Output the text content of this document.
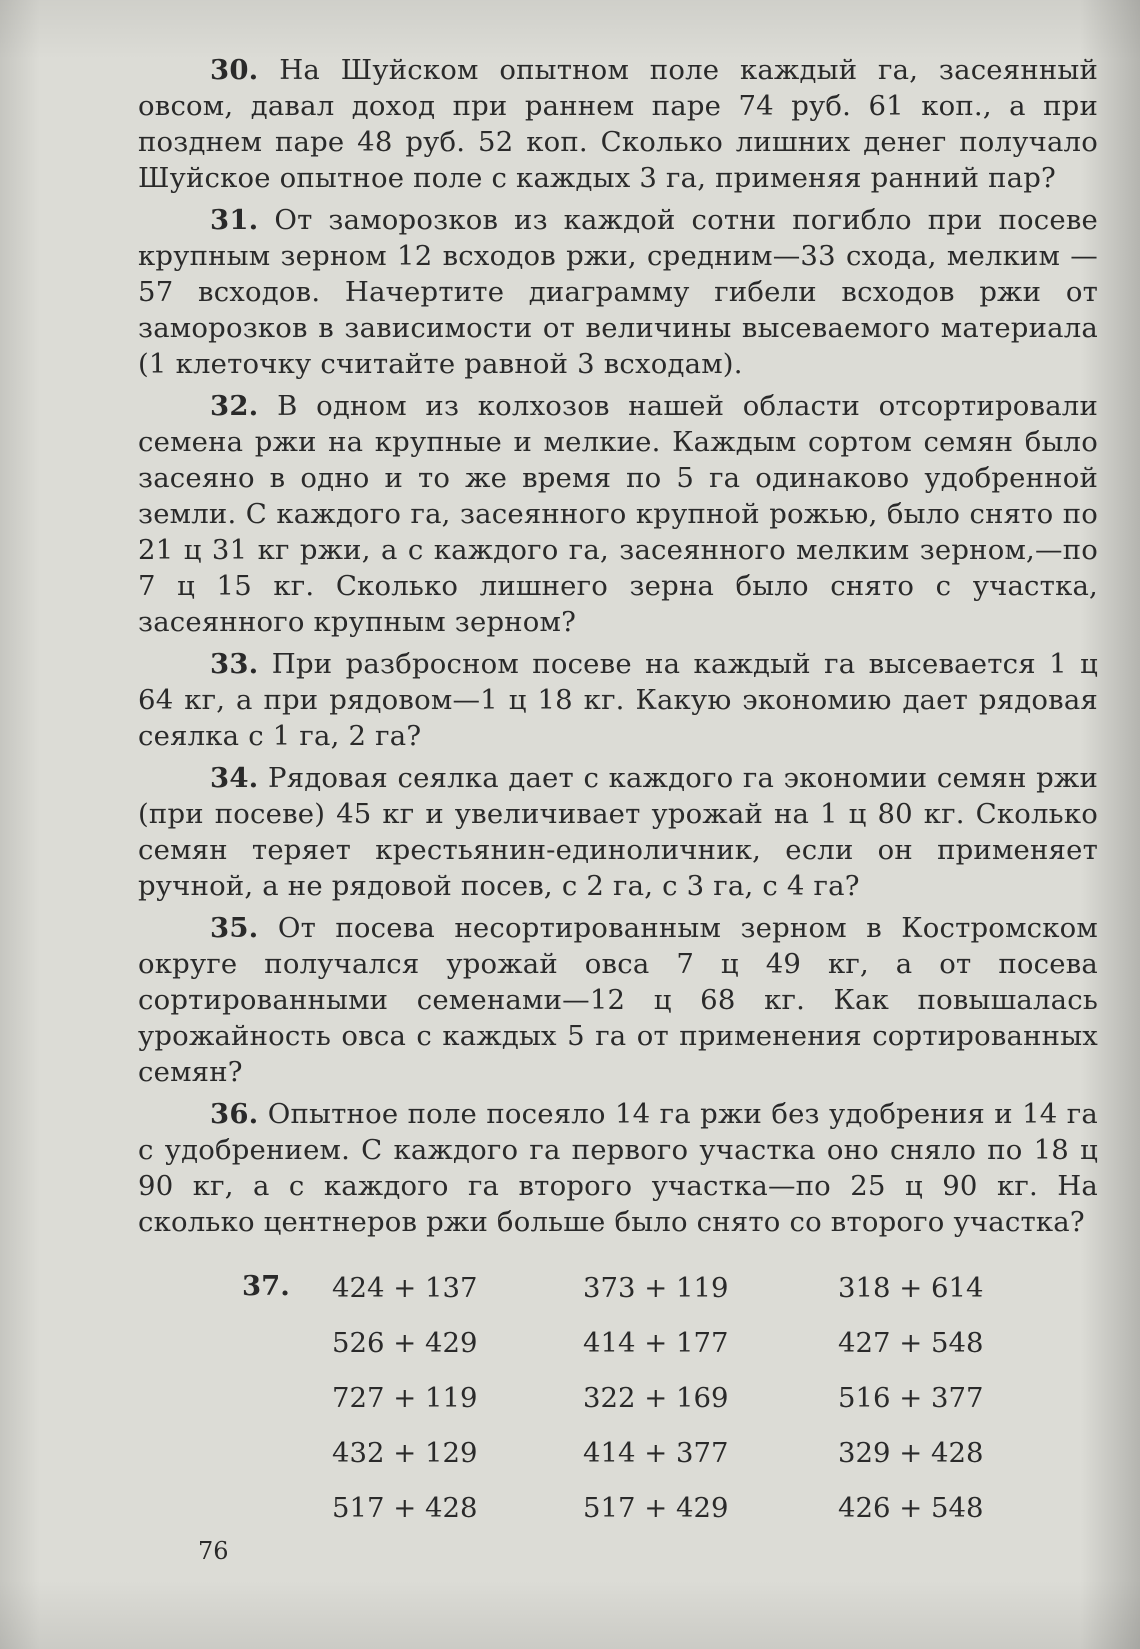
30. На Шуйском опытном поле каждый га, засеянный овсом, давал доход при раннем паре 74 руб. 61 коп., а при позднем паре 48 руб. 52 коп. Сколько лишних денег получало Шуйское опытное поле с каждых 3 га, применяя ранний пар?

31. От заморозков из каждой сотни погибло при посеве крупным зерном 12 всходов ржи, средним—33 схода, мелким —57 всходов. Начертите диаграмму гибели всходов ржи от заморозков в зависимости от величины высеваемого материала (1 клеточку считайте равной 3 всходам).

32. В одном из колхозов нашей области отсортировали семена ржи на крупные и мелкие. Каждым сортом семян было засеяно в одно и то же время по 5 га одинаково удобренной земли. С каждого га, засеянного крупной рожью, было снято по 21 ц 31 кг ржи, а с каждого га, засеянного мелким зерном,—по 7 ц 15 кг. Сколько лишнего зерна было снято с участка, засеянного крупным зерном?

33. При разбросном посеве на каждый га высевается 1 ц 64 кг, а при рядовом—1 ц 18 кг. Какую экономию дает рядовая сеялка с 1 га, 2 га?

34. Рядовая сеялка дает с каждого га экономии семян ржи (при посеве) 45 кг и увеличивает урожай на 1 ц 80 кг. Сколько семян теряет крестьянин-единоличник, если он применяет ручной, а не рядовой посев, с 2 га, с 3 га, с 4 га?

35. От посева несортированным зерном в Костромском округе получался урожай овса 7 ц 49 кг, а от посева сортированными семенами—12 ц 68 кг. Как повышалась урожайность овса с каждых 5 га от применения сортированных семян?

36. Опытное поле посеяло 14 га ржи без удобрения и 14 га с удобрением. С каждого га первого участка оно сняло по 18 ц 90 кг, а с каждого га второго участка—по 25 ц 90 кг. На сколько центнеров ржи больше было снято со второго участка?

37. 424 + 137
526 + 429
727 + 119
432 + 129
517 + 428
373 + 119
414 + 177
322 + 169
414 + 377
517 + 429
318 + 614
427 + 548
516 + 377
329 + 428
426 + 548
76
